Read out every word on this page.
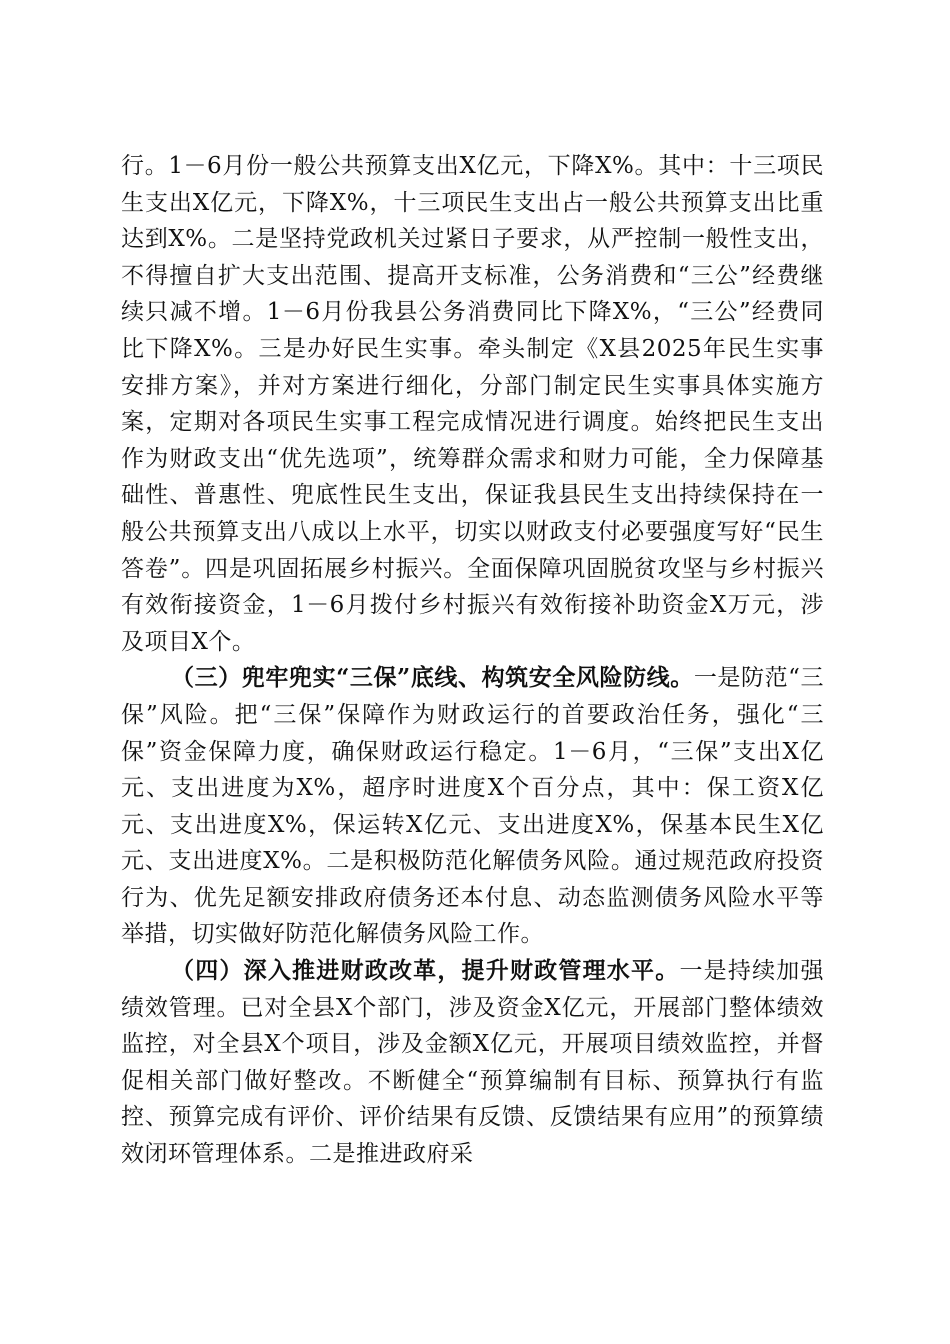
行。1－6月份一般公共预算支出X亿元，下降X%。其中：十三项民生支出X亿元，下降X%，十三项民生支出占一般公共预算支出比重达到X%。二是坚持党政机关过紧日子要求，从严控制一般性支出，不得擅自扩大支出范围、提高开支标准，公务消费和“三公”经费继续只减不增。1－6月份我县公务消费同比下降X%，“三公”经费同比下降X%。三是办好民生实事。牵头制定《X县2025年民生实事安排方案》，并对方案进行细化，分部门制定民生实事具体实施方案，定期对各项民生实事工程完成情况进行调度。始终把民生支出作为财政支出“优先选项”，统筹群众需求和财力可能，全力保障基础性、普惠性、兜底性民生支出，保证我县民生支出持续保持在一般公共预算支出八成以上水平，切实以财政支付必要强度写好“民生答卷”。四是巩固拓展乡村振兴。全面保障巩固脱贫攻坚与乡村振兴有效衔接资金，1－6月拨付乡村振兴有效衔接补助资金X万元，涉及项目X个。

（三）兜牢兜实“三保”底线、构筑安全风险防线。一是防范“三保”风险。把“三保”保障作为财政运行的首要政治任务，强化“三保”资金保障力度，确保财政运行稳定。1－6月，“三保”支出X亿元、支出进度为X%，超序时进度X个百分点，其中：保工资X亿元、支出进度X%，保运转X亿元、支出进度X%，保基本民生X亿元、支出进度X%。二是积极防范化解债务风险。通过规范政府投资行为、优先足额安排政府债务还本付息、动态监测债务风险水平等举措，切实做好防范化解债务风险工作。

（四）深入推进财政改革，提升财政管理水平。一是持续加强绩效管理。已对全县X个部门，涉及资金X亿元，开展部门整体绩效监控，对全县X个项目，涉及金额X亿元，开展项目绩效监控，并督促相关部门做好整改。不断健全“预算编制有目标、预算执行有监控、预算完成有评价、评价结果有反馈、反馈结果有应用”的预算绩效闭环管理体系。二是推进政府采
